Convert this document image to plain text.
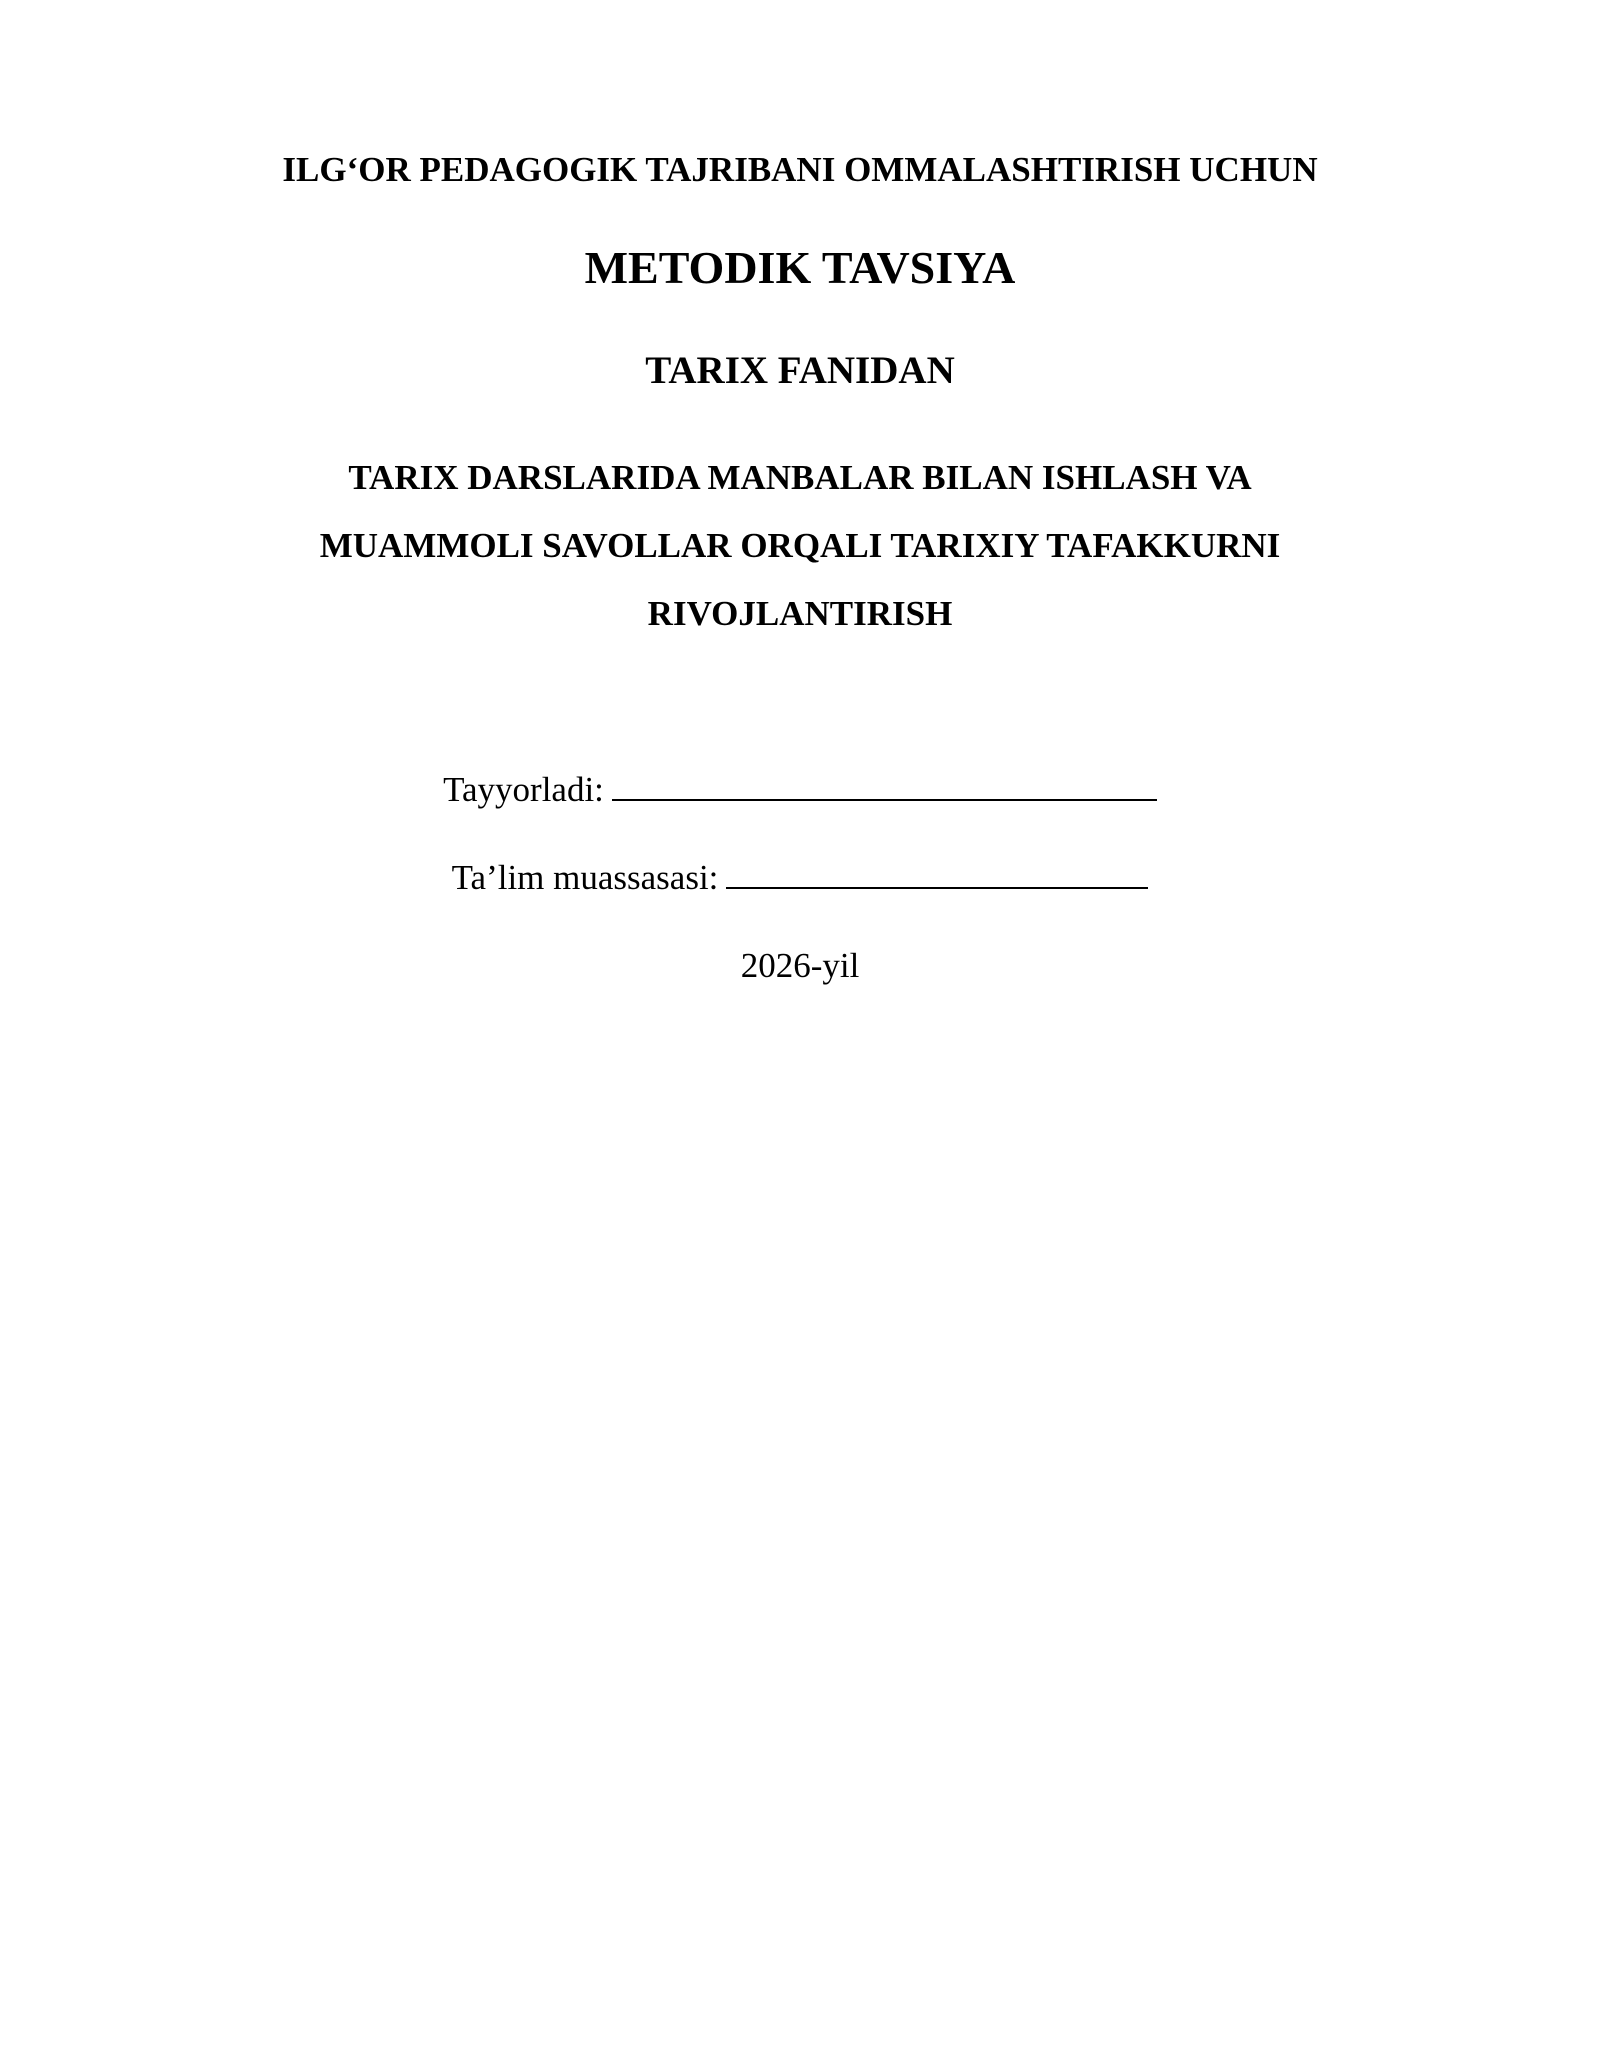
ILG‘OR PEDAGOGIK TAJRIBANI OMMALASHTIRISH UCHUN
METODIK TAVSIYA
TARIX FANIDAN
TARIX DARSLARIDA MANBALAR BILAN ISHLASH VA
MUAMMOLI SAVOLLAR ORQALI TARIXIY TAFAKKURNI
RIVOJLANTIRISH
Tayyorladi:
Ta’lim muassasasi:
2026-yil
